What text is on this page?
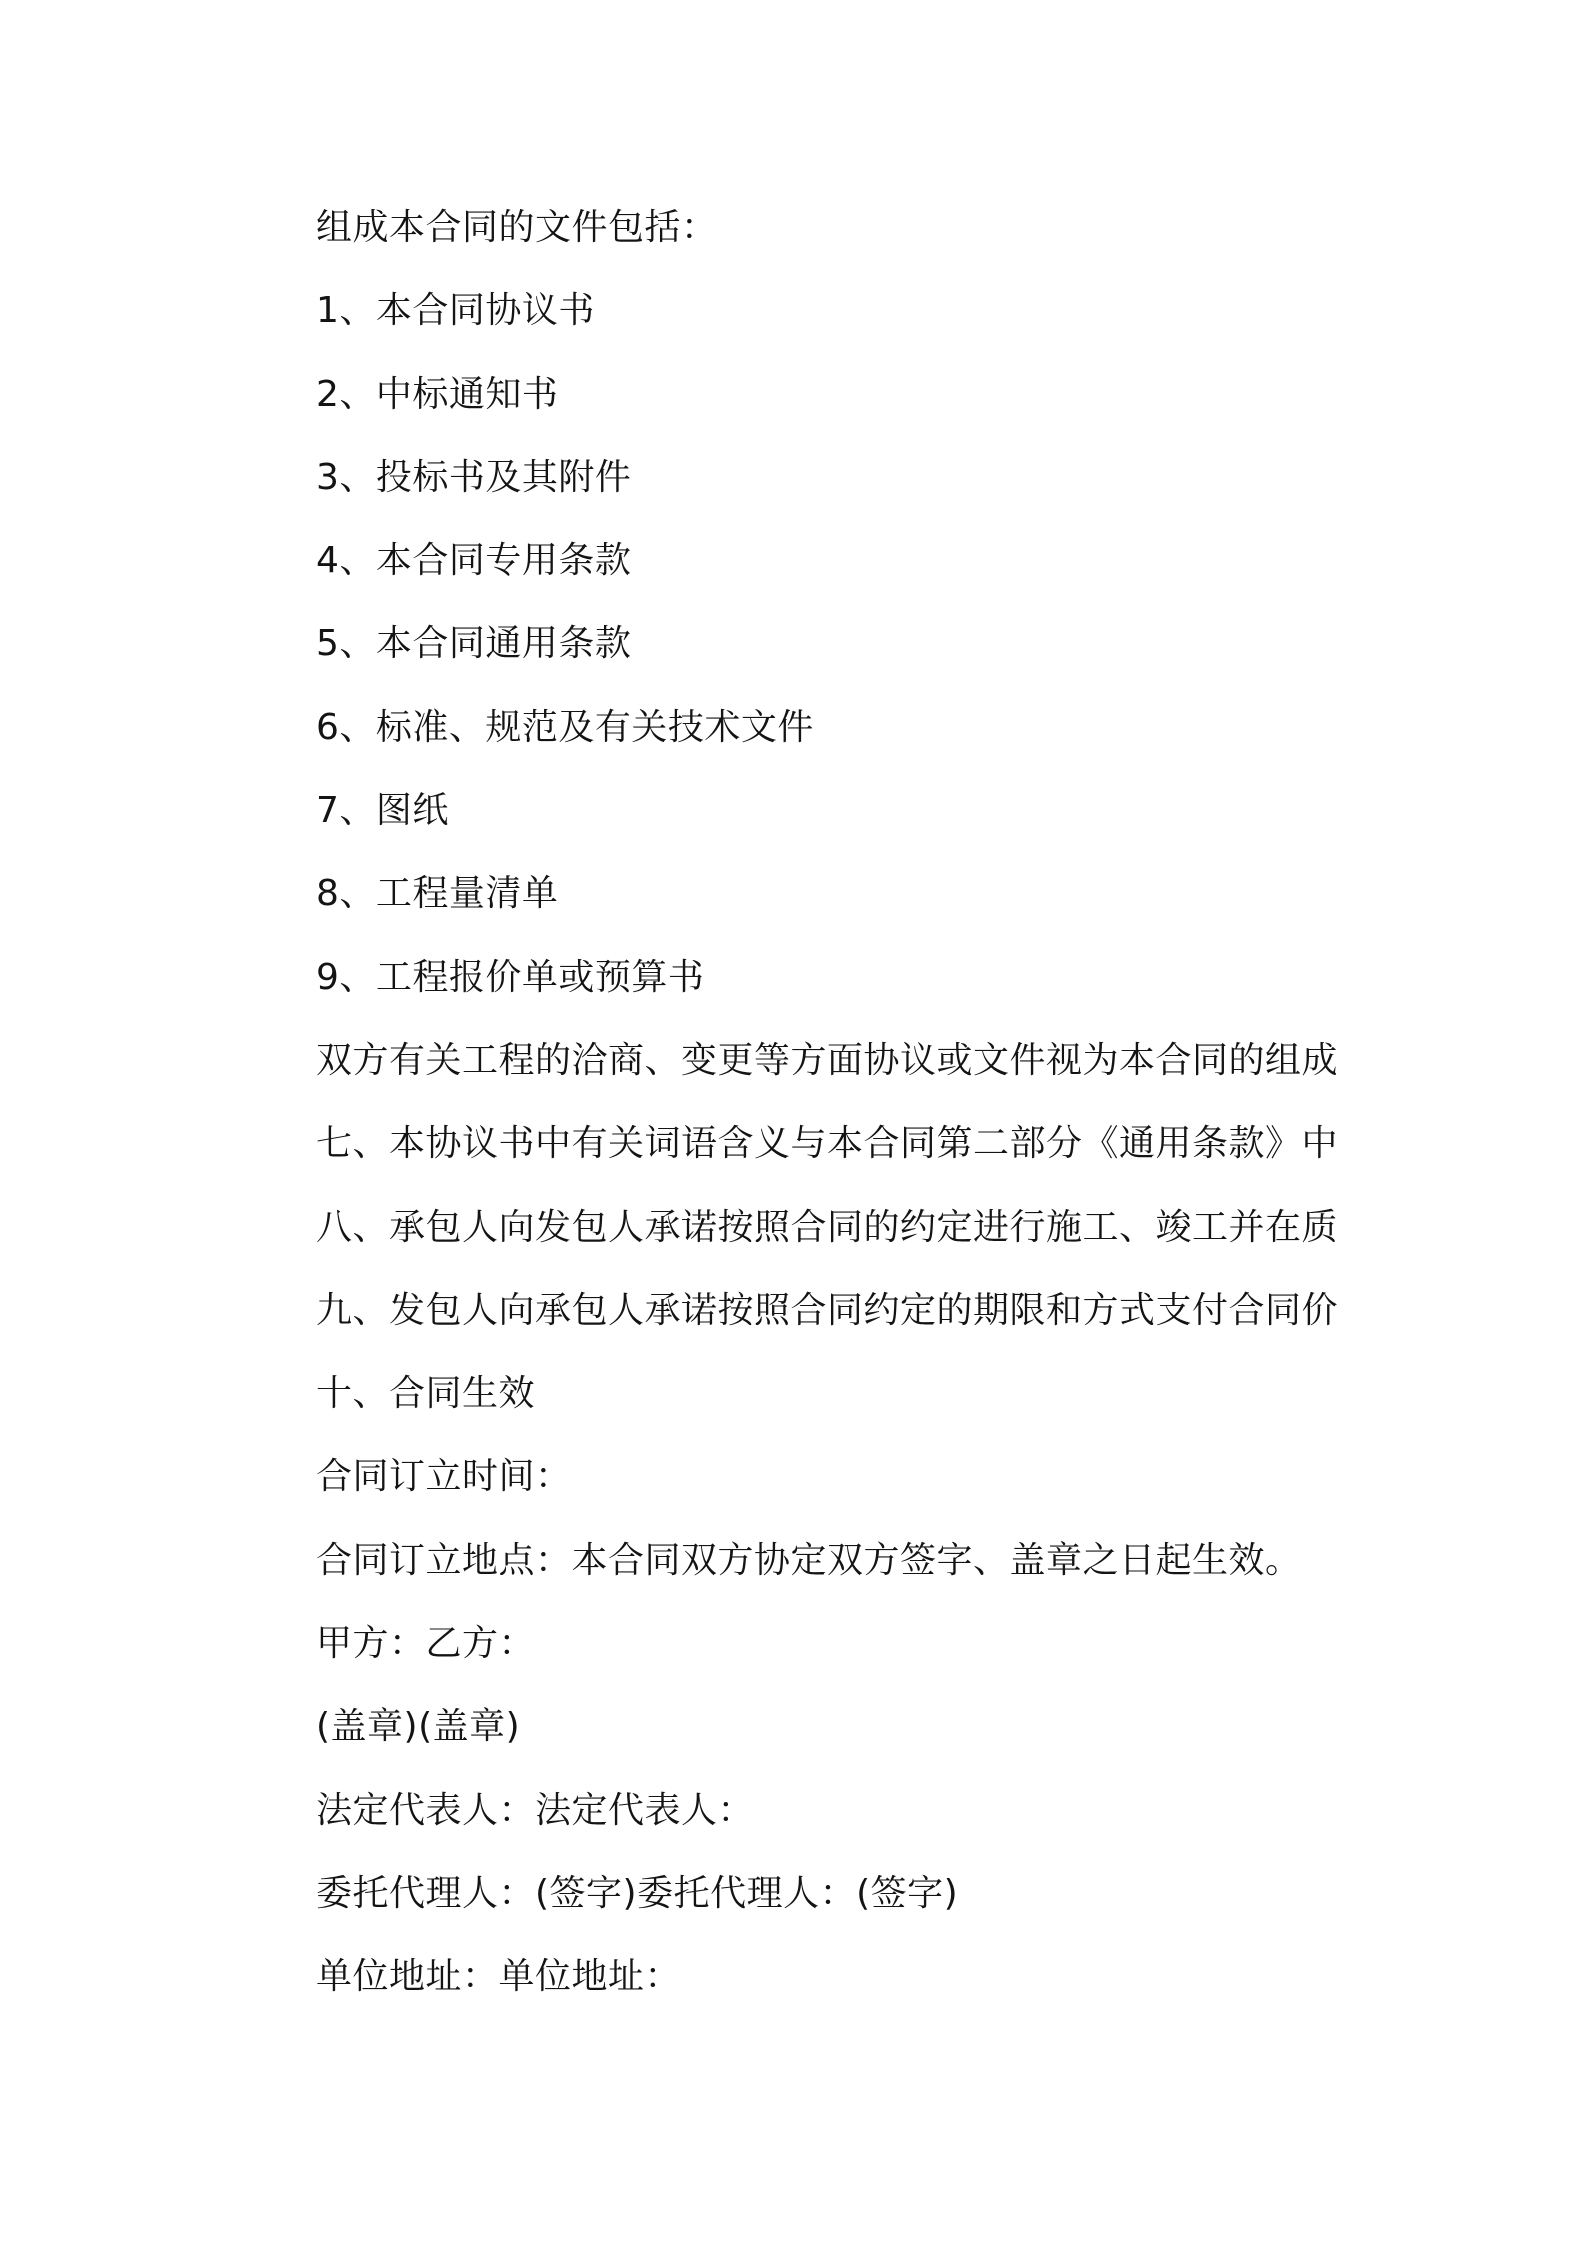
组成本合同的文件包括：
1、本合同协议书
2、中标通知书
3、投标书及其附件
4、本合同专用条款
5、本合同通用条款
6、标准、规范及有关技术文件
7、图纸
8、工程量清单
9、工程报价单或预算书
双方有关工程的洽商、变更等方面协议或文件视为本合同的组成
七、本协议书中有关词语含义与本合同第二部分《通用条款》中
八、承包人向发包人承诺按照合同的约定进行施工、竣工并在质
九、发包人向承包人承诺按照合同约定的期限和方式支付合同价
十、合同生效
合同订立时间：
合同订立地点：本合同双方协定双方签字、盖章之日起生效。
甲方：乙方：
(盖章)(盖章)
法定代表人：法定代表人：
委托代理人：(签字)委托代理人：(签字)
单位地址：单位地址：
